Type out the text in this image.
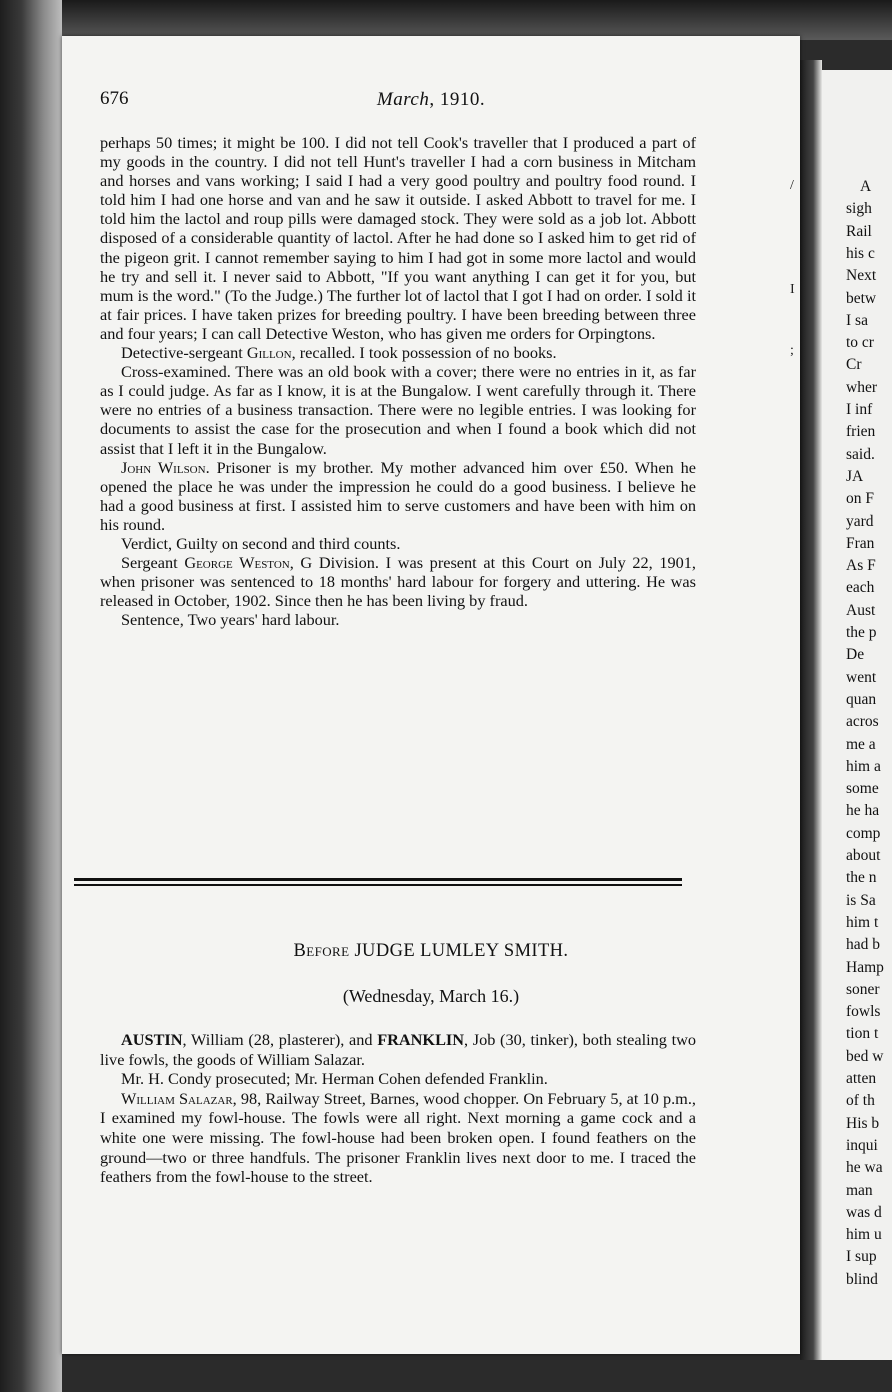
A
sigh
Rail
his c
Next
betw
I sa
to cr
Cr
wher
I inf
frien
said.
JA
on F
yard
Fran
As F
each
Aust
the p
De
went
quan
acros
me a
him a
some
he ha
comp
about
the n
is Sa
him t
had b
Hamp
soner
fowls
tion t
bed w
atten
of th
His b
inqui
he wa
man
was d
him u
I sup
blind
676	March, 1910.

perhaps 50 times; it might be 100. I did not tell Cook's traveller that I produced a part of my goods in the country. I did not tell Hunt's traveller I had a corn business in Mitcham and horses and vans working; I said I had a very good poultry and poultry food round. I told him I had one horse and van and he saw it outside. I asked Abbott to travel for me. I told him the lactol and roup pills were damaged stock. They were sold as a job lot. Abbott disposed of a considerable quantity of lactol. After he had done so I asked him to get rid of the pigeon grit. I cannot remember saying to him I had got in some more lactol and would he try and sell it. I never said to Abbott, "If you want anything I can get it for you, but mum is the word." (To the Judge.) The further lot of lactol that I got I had on order. I sold it at fair prices. I have taken prizes for breeding poultry. I have been breeding between three and four years; I can call Detective Weston, who has given me orders for Orpingtons.

Detective-sergeant Gillon, recalled. I took possession of no books.

Cross-examined. There was an old book with a cover; there were no entries in it, as far as I could judge. As far as I know, it is at the Bungalow. I went carefully through it. There were no entries of a business transaction. There were no legible entries. I was looking for documents to assist the case for the prosecution and when I found a book which did not assist that I left it in the Bungalow.

John Wilson. Prisoner is my brother. My mother advanced him over £50. When he opened the place he was under the impression he could do a good business. I believe he had a good business at first. I assisted him to serve customers and have been with him on his round.

Verdict, Guilty on second and third counts.

Sergeant George Weston, G Division. I was present at this Court on July 22, 1901, when prisoner was sentenced to 18 months' hard labour for forgery and uttering. He was released in October, 1902. Since then he has been living by fraud.

Sentence, Two years' hard labour.

Before JUDGE LUMLEY SMITH.
(Wednesday, March 16.)

AUSTIN, William (28, plasterer), and FRANKLIN, Job (30, tinker), both stealing two live fowls, the goods of William Salazar.

Mr. H. Condy prosecuted; Mr. Herman Cohen defended Franklin.

William Salazar, 98, Railway Street, Barnes, wood chopper. On February 5, at 10 p.m., I examined my fowl-house. The fowls were all right. Next morning a game cock and a white one were missing. The fowl-house had been broken open. I found feathers on the ground—two or three handfuls. The prisoner Franklin lives next door to me. I traced the feathers from the fowl-house to the street.

/
I
;
